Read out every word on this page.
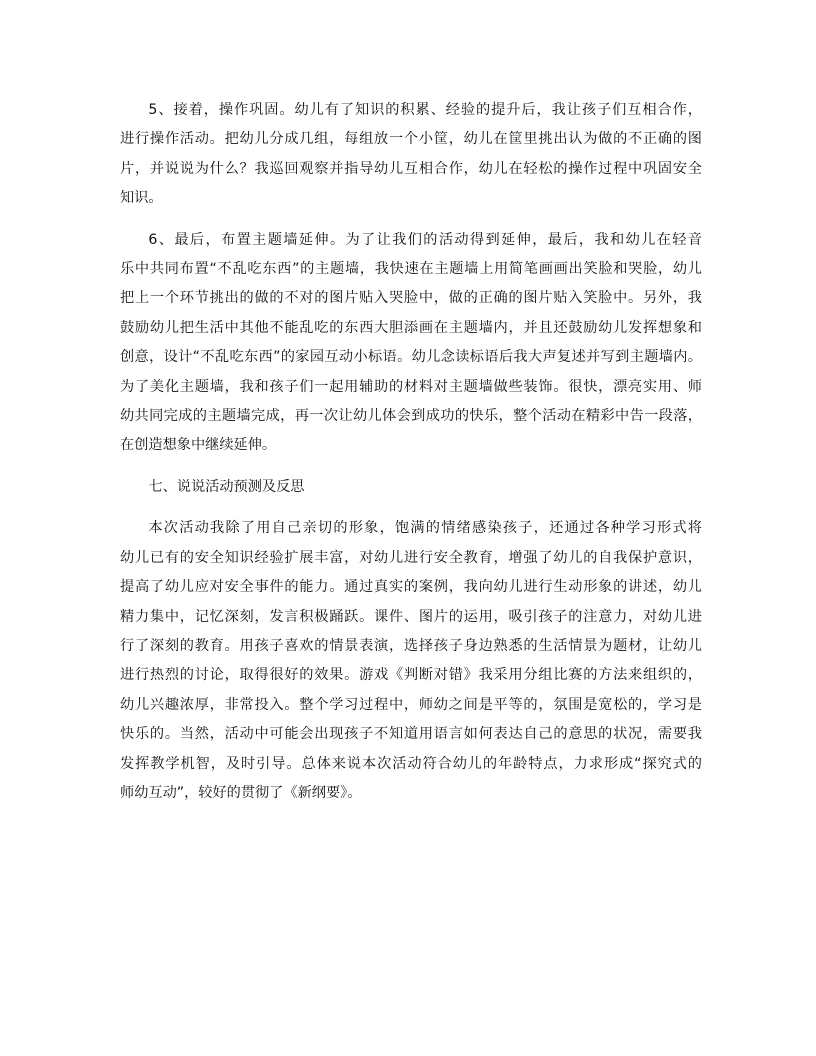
5、接着，操作巩固。幼儿有了知识的积累、经验的提升后，我让孩子们互相合作，
进行操作活动。把幼儿分成几组，每组放一个小筐，幼儿在筐里挑出认为做的不正确的图
片，并说说为什么？我巡回观察并指导幼儿互相合作，幼儿在轻松的操作过程中巩固安全
知识。
6、最后，布置主题墙延伸。为了让我们的活动得到延伸，最后，我和幼儿在轻音
乐中共同布置“不乱吃东西”的主题墙，我快速在主题墙上用简笔画画出笑脸和哭脸，幼儿
把上一个环节挑出的做的不对的图片贴入哭脸中，做的正确的图片贴入笑脸中。另外，我
鼓励幼儿把生活中其他不能乱吃的东西大胆添画在主题墙内，并且还鼓励幼儿发挥想象和
创意，设计“不乱吃东西”的家园互动小标语。幼儿念读标语后我大声复述并写到主题墙内。
为了美化主题墙，我和孩子们一起用辅助的材料对主题墙做些装饰。很快，漂亮实用、师
幼共同完成的主题墙完成，再一次让幼儿体会到成功的快乐，整个活动在精彩中告一段落，
在创造想象中继续延伸。
七、说说活动预测及反思
本次活动我除了用自己亲切的形象，饱满的情绪感染孩子，还通过各种学习形式将
幼儿已有的安全知识经验扩展丰富，对幼儿进行安全教育，增强了幼儿的自我保护意识，
提高了幼儿应对安全事件的能力。通过真实的案例，我向幼儿进行生动形象的讲述，幼儿
精力集中，记忆深刻，发言积极踊跃。课件、图片的运用，吸引孩子的注意力，对幼儿进
行了深刻的教育。用孩子喜欢的情景表演，选择孩子身边熟悉的生活情景为题材，让幼儿
进行热烈的讨论，取得很好的效果。游戏《判断对错》我采用分组比赛的方法来组织的，
幼儿兴趣浓厚，非常投入。整个学习过程中，师幼之间是平等的，氛围是宽松的，学习是
快乐的。当然，活动中可能会出现孩子不知道用语言如何表达自己的意思的状况，需要我
发挥教学机智，及时引导。总体来说本次活动符合幼儿的年龄特点，力求形成“探究式的
师幼互动”，较好的贯彻了《新纲要》。
